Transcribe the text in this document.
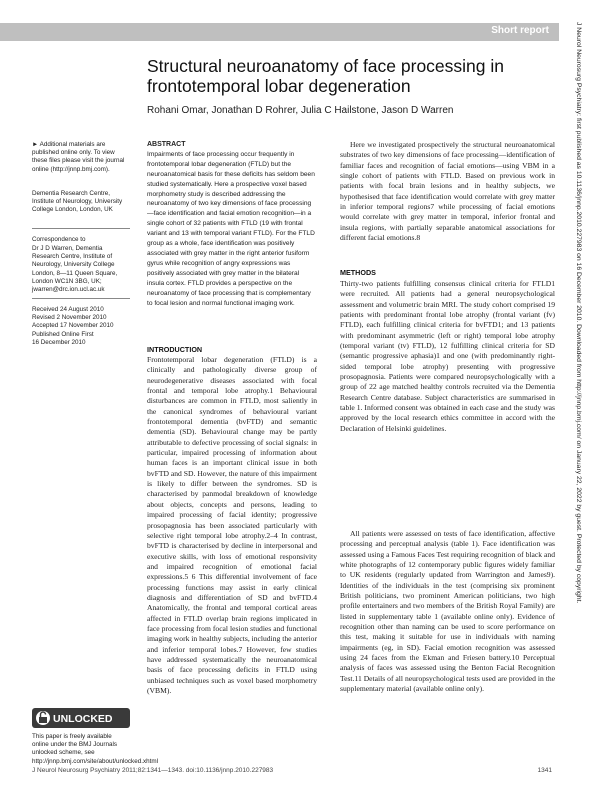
Short report
Structural neuroanatomy of face processing in frontotemporal lobar degeneration
Rohani Omar, Jonathan D Rohrer, Julia C Hailstone, Jason D Warren
► Additional materials are published online only. To view these files please visit the journal online (http://jnnp.bmj.com).
Dementia Research Centre, Institute of Neurology, University College London, London, UK
Correspondence to
Dr J D Warren, Dementia Research Centre, Institute of Neurology, University College London, 8—11 Queen Square, London WC1N 3BG, UK; jwarren@drc.ion.ucl.ac.uk
Received 24 August 2010
Revised 2 November 2010
Accepted 17 November 2010
Published Online First
16 December 2010
UNLOCKED
This paper is freely available online under the BMJ Journals unlocked scheme, see http://jnnp.bmj.com/site/about/unlocked.xhtml
ABSTRACT
Impairments of face processing occur frequently in frontotemporal lobar degeneration (FTLD) but the neuroanatomical basis for these deficits has seldom been studied systematically. Here a prospective voxel based morphometry study is described addressing the neuroanatomy of two key dimensions of face processing—face identification and facial emotion recognition—in a single cohort of 32 patients with FTLD (19 with frontal variant and 13 with temporal variant FTLD). For the FTLD group as a whole, face identification was positively associated with grey matter in the right anterior fusiform gyrus while recognition of angry expressions was positively associated with grey matter in the bilateral insula cortex. FTLD provides a perspective on the neuroanatomy of face processing that is complementary to focal lesion and normal functional imaging work.
INTRODUCTION
Frontotemporal lobar degeneration (FTLD) is a clinically and pathologically diverse group of neurodegenerative diseases associated with focal frontal and temporal lobe atrophy.1 Behavioural disturbances are common in FTLD, most saliently in the canonical syndromes of behavioural variant frontotemporal dementia (bvFTD) and semantic dementia (SD). Behavioural change may be partly attributable to defective processing of social signals: in particular, impaired processing of information about human faces is an important clinical issue in both bvFTD and SD. However, the nature of this impairment is likely to differ between the syndromes. SD is characterised by panmodal breakdown of knowledge about objects, concepts and persons, leading to impaired processing of facial identity; progressive prosopagnosia has been associated particularly with selective right temporal lobe atrophy.2–4 In contrast, bvFTD is characterised by decline in interpersonal and executive skills, with loss of emotional responsivity and impaired recognition of emotional facial expressions.5 6 This differential involvement of face processing functions may assist in early clinical diagnosis and differentiation of SD and bvFTD.4 Anatomically, the frontal and temporal cortical areas affected in FTLD overlap brain regions implicated in face processing from focal lesion studies and functional imaging work in healthy subjects, including the anterior and inferior temporal lobes.7 However, few studies have addressed systematically the neuroanatomical basis of face processing deficits in FTLD using unbiased techniques such as voxel based morphometry (VBM).
Here we investigated prospectively the structural neuroanatomical substrates of two key dimensions of face processing—identification of familiar faces and recognition of facial emotions—using VBM in a single cohort of patients with FTLD. Based on previous work in patients with focal brain lesions and in healthy subjects, we hypothesised that face identification would correlate with grey matter in inferior temporal regions7 while processing of facial emotions would correlate with grey matter in temporal, inferior frontal and insula regions, with partially separable anatomical associations for different facial emotions.8
METHODS
Thirty-two patients fulfilling consensus clinical criteria for FTLD1 were recruited. All patients had a general neuropsychological assessment and volumetric brain MRI. The study cohort comprised 19 patients with predominant frontal lobe atrophy (frontal variant (fv) FTLD), each fulfilling clinical criteria for bvFTD1; and 13 patients with predominant asymmetric (left or right) temporal lobe atrophy (temporal variant (tv) FTLD), 12 fulfilling clinical criteria for SD (semantic progressive aphasia)1 and one (with predominantly right-sided temporal lobe atrophy) presenting with progressive prosopagnosia. Patients were compared neuropsychologically with a group of 22 age matched healthy controls recruited via the Dementia Research Centre database. Subject characteristics are summarised in table 1. Informed consent was obtained in each case and the study was approved by the local research ethics committee in accord with the Declaration of Helsinki guidelines.
All patients were assessed on tests of face identification, affective processing and perceptual analysis (table 1). Face identification was assessed using a Famous Faces Test requiring recognition of black and white photographs of 12 contemporary public figures widely familiar to UK residents (regularly updated from Warrington and James9). Identities of the individuals in the test (comprising six prominent British politicians, two prominent American politicians, two high profile entertainers and two members of the British Royal Family) are listed in supplementary table 1 (available online only). Evidence of recognition other than naming can be used to score performance on this test, making it suitable for use in individuals with naming impairments (eg, in SD). Facial emotion recognition was assessed using 24 faces from the Ekman and Friesen battery.10 Perceptual analysis of faces was assessed using the Benton Facial Recognition Test.11 Details of all neuropsychological tests used are provided in the supplementary material (available online only).
J Neurol Neurosurg Psychiatry 2011;82:1341—1343. doi:10.1136/jnnp.2010.227983	1341
J Neurol Neurosurg Psychiatry: first published as 10.1136/jnnp.2010.227983 on 16 December 2010. Downloaded from http://jnnp.bmj.com/ on January 22, 2022 by guest. Protected by copyright.
